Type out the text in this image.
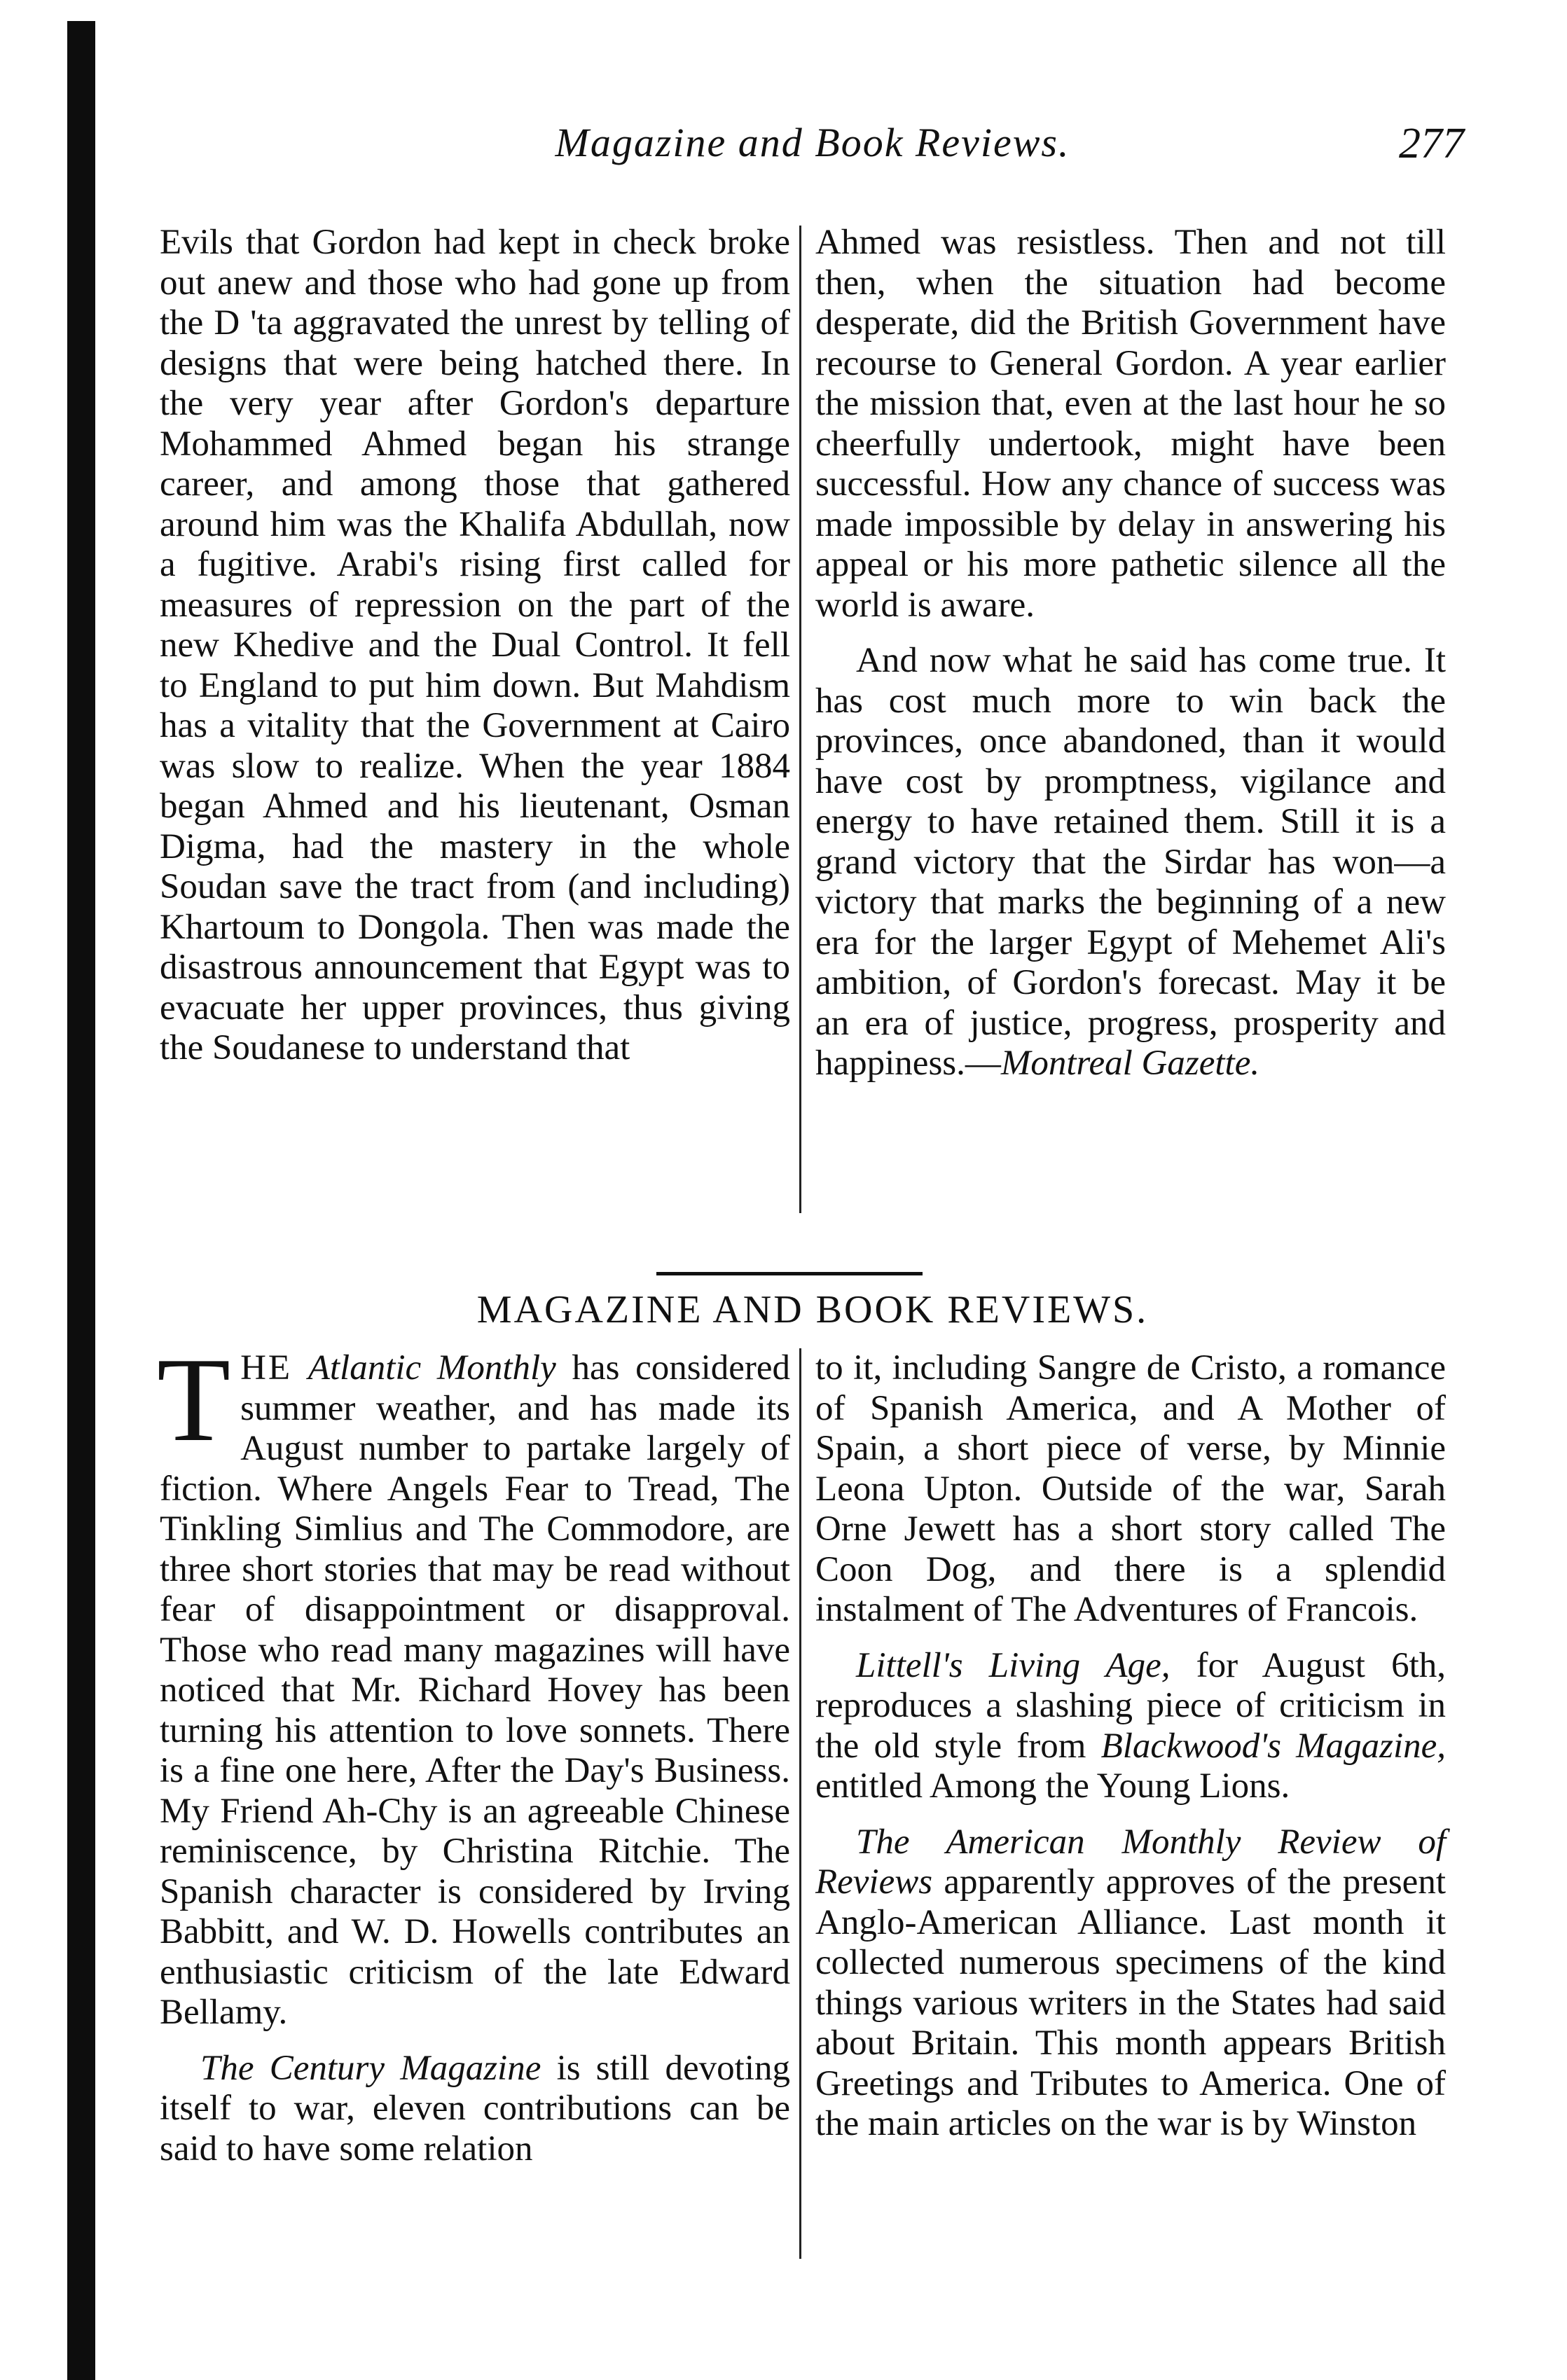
Magazine and Book Reviews.	277

Evils that Gordon had kept in check broke out anew and those who had gone up from the D 'ta aggravated the unrest by telling of designs that were being hatched there. In the very year after Gordon's departure Mohammed Ahmed began his strange career, and among those that gathered around him was the Khalifa Abdullah, now a fugitive. Arabi's rising first called for measures of repression on the part of the new Khedive and the Dual Control. It fell to England to put him down. But Mahdism has a vitality that the Government at Cairo was slow to realize. When the year 1884 began Ahmed and his lieutenant, Osman Digma, had the mastery in the whole Soudan save the tract from (and including) Khartoum to Dongola. Then was made the disastrous announcement that Egypt was to evacuate her upper provinces, thus giving the Soudanese to understand that

Ahmed was resistless. Then and not till then, when the situation had become desperate, did the British Government have recourse to General Gordon. A year earlier the mission that, even at the last hour he so cheerfully undertook, might have been successful. How any chance of success was made impossible by delay in answering his appeal or his more pathetic silence all the world is aware.

And now what he said has come true. It has cost much more to win back the provinces, once abandoned, than it would have cost by promptness, vigilance and energy to have retained them. Still it is a grand victory that the Sirdar has won—a victory that marks the beginning of a new era for the larger Egypt of Mehemet Ali's ambition, of Gordon's forecast. May it be an era of justice, progress, prosperity and happiness.—Montreal Gazette.

MAGAZINE AND BOOK REVIEWS.

THE Atlantic Monthly has considered summer weather, and has made its August number to partake largely of fiction. Where Angels Fear to Tread, The Tinkling Simlius and The Commodore, are three short stories that may be read without fear of disappointment or disapproval. Those who read many magazines will have noticed that Mr. Richard Hovey has been turning his attention to love sonnets. There is a fine one here, After the Day's Business. My Friend Ah-Chy is an agreeable Chinese reminiscence, by Christina Ritchie. The Spanish character is considered by Irving Babbitt, and W. D. Howells contributes an enthusiastic criticism of the late Edward Bellamy.

The Century Magazine is still devoting itself to war, eleven contributions can be said to have some relation

to it, including Sangre de Cristo, a romance of Spanish America, and A Mother of Spain, a short piece of verse, by Minnie Leona Upton. Outside of the war, Sarah Orne Jewett has a short story called The Coon Dog, and there is a splendid instalment of The Adventures of Francois.

Littell's Living Age, for August 6th, reproduces a slashing piece of criticism in the old style from Blackwood's Magazine, entitled Among the Young Lions.

The American Monthly Review of Reviews apparently approves of the present Anglo-American Alliance. Last month it collected numerous specimens of the kind things various writers in the States had said about Britain. This month appears British Greetings and Tributes to America. One of the main articles on the war is by Winston
